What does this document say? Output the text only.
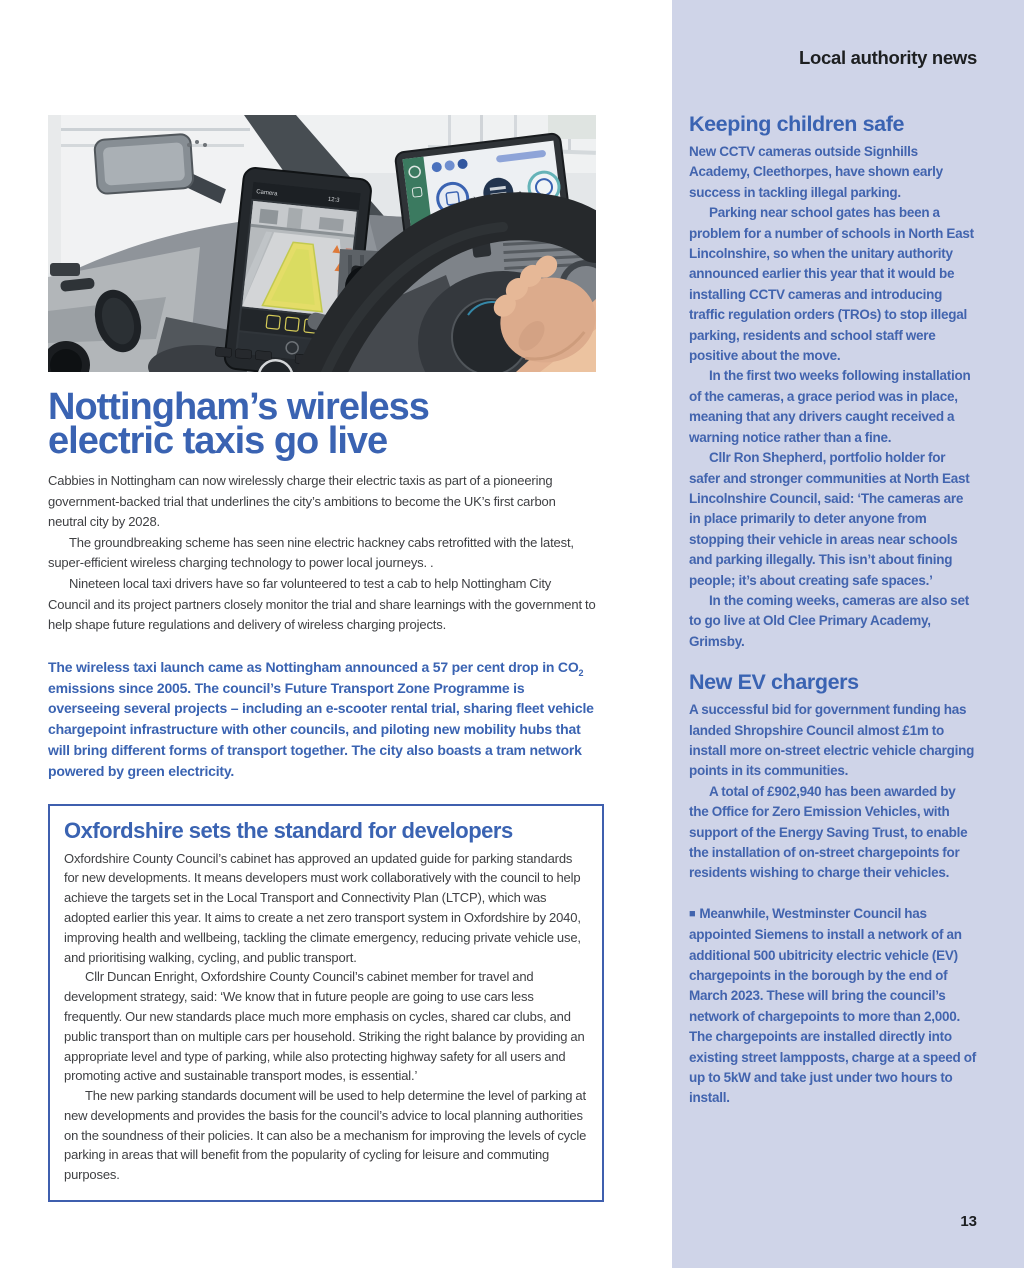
Camera
12:3	→	→
Nottingham’s wireless
electric taxis go live

Cabbies in Nottingham can now wirelessly charge their electric taxis as part of a pioneering government-backed trial that underlines the city’s ambitions to become the UK’s first carbon neutral city by 2028.

The groundbreaking scheme has seen nine electric hackney cabs retrofitted with the latest, super-efficient wireless charging technology to power local journeys. .

Nineteen local taxi drivers have so far volunteered to test a cab to help Nottingham City Council and its project partners closely monitor the trial and share learnings with the government to help shape future regulations and delivery of wireless charging projects.

The wireless taxi launch came as Nottingham announced a 57 per cent drop in $CO_2$ emissions since 2005. The council’s Future Transport Zone Programme is overseeing several projects – including an e-scooter rental trial, sharing fleet vehicle chargepoint infrastructure with other councils, and piloting new mobility hubs that will bring different forms of transport together. The city also boasts a tram network powered by green electricity.

Oxfordshire sets the standard for developers

Oxfordshire County Council’s cabinet has approved an updated guide for parking standards for new developments. It means developers must work collaboratively with the council to help achieve the targets set in the Local Transport and Connectivity Plan (LTCP), which was adopted earlier this year. It aims to create a net zero transport system in Oxfordshire by 2040, improving health and wellbeing, tackling the climate emergency, reducing private vehicle use, and prioritising walking, cycling, and public transport.

Cllr Duncan Enright, Oxfordshire County Council’s cabinet member for travel and development strategy, said: ‘We know that in future people are going to use cars less frequently. Our new standards place much more emphasis on cycles, shared car clubs, and public transport than on multiple cars per household. Striking the right balance by providing an appropriate level and type of parking, while also protecting highway safety for all users and promoting active and sustainable transport modes, is essential.’

The new parking standards document will be used to help determine the level of parking at new developments and provides the basis for the council’s advice to local planning authorities on the soundness of their policies. It can also be a mechanism for improving the levels of cycle parking in areas that will benefit from the popularity of cycling for leisure and commuting purposes.

Local authority news

Keeping children safe

New CCTV cameras outside Signhills Academy, Cleethorpes, have shown early success in tackling illegal parking.

Parking near school gates has been a problem for a number of schools in North East Lincolnshire, so when the unitary authority announced earlier this year that it would be installing CCTV cameras and introducing traffic regulation orders (TROs) to stop illegal parking, residents and school staff were positive about the move.

In the first two weeks following installation of the cameras, a grace period was in place, meaning that any drivers caught received a warning notice rather than a fine.

Cllr Ron Shepherd, portfolio holder for safer and stronger communities at North East Lincolnshire Council, said: ‘The cameras are in place primarily to deter anyone from stopping their vehicle in areas near schools and parking illegally. This isn’t about fining people; it’s about creating safe spaces.’

In the coming weeks, cameras are also set to go live at Old Clee Primary Academy, Grimsby.

New EV chargers

A successful bid for government funding has landed Shropshire Council almost £1m to install more on-street electric vehicle charging points in its communities.

A total of £902,940 has been awarded by the Office for Zero Emission Vehicles, with support of the Energy Saving Trust, to enable the installation of on-street chargepoints for residents wishing to charge their vehicles.

■ Meanwhile, Westminster Council has appointed Siemens to install a network of an additional 500 ubitricity electric vehicle (EV) chargepoints in the borough by the end of March 2023. These will bring the council’s network of chargepoints to more than 2,000. The chargepoints are installed directly into existing street lampposts, charge at a speed of up to 5kW and take just under two hours to install.

13
